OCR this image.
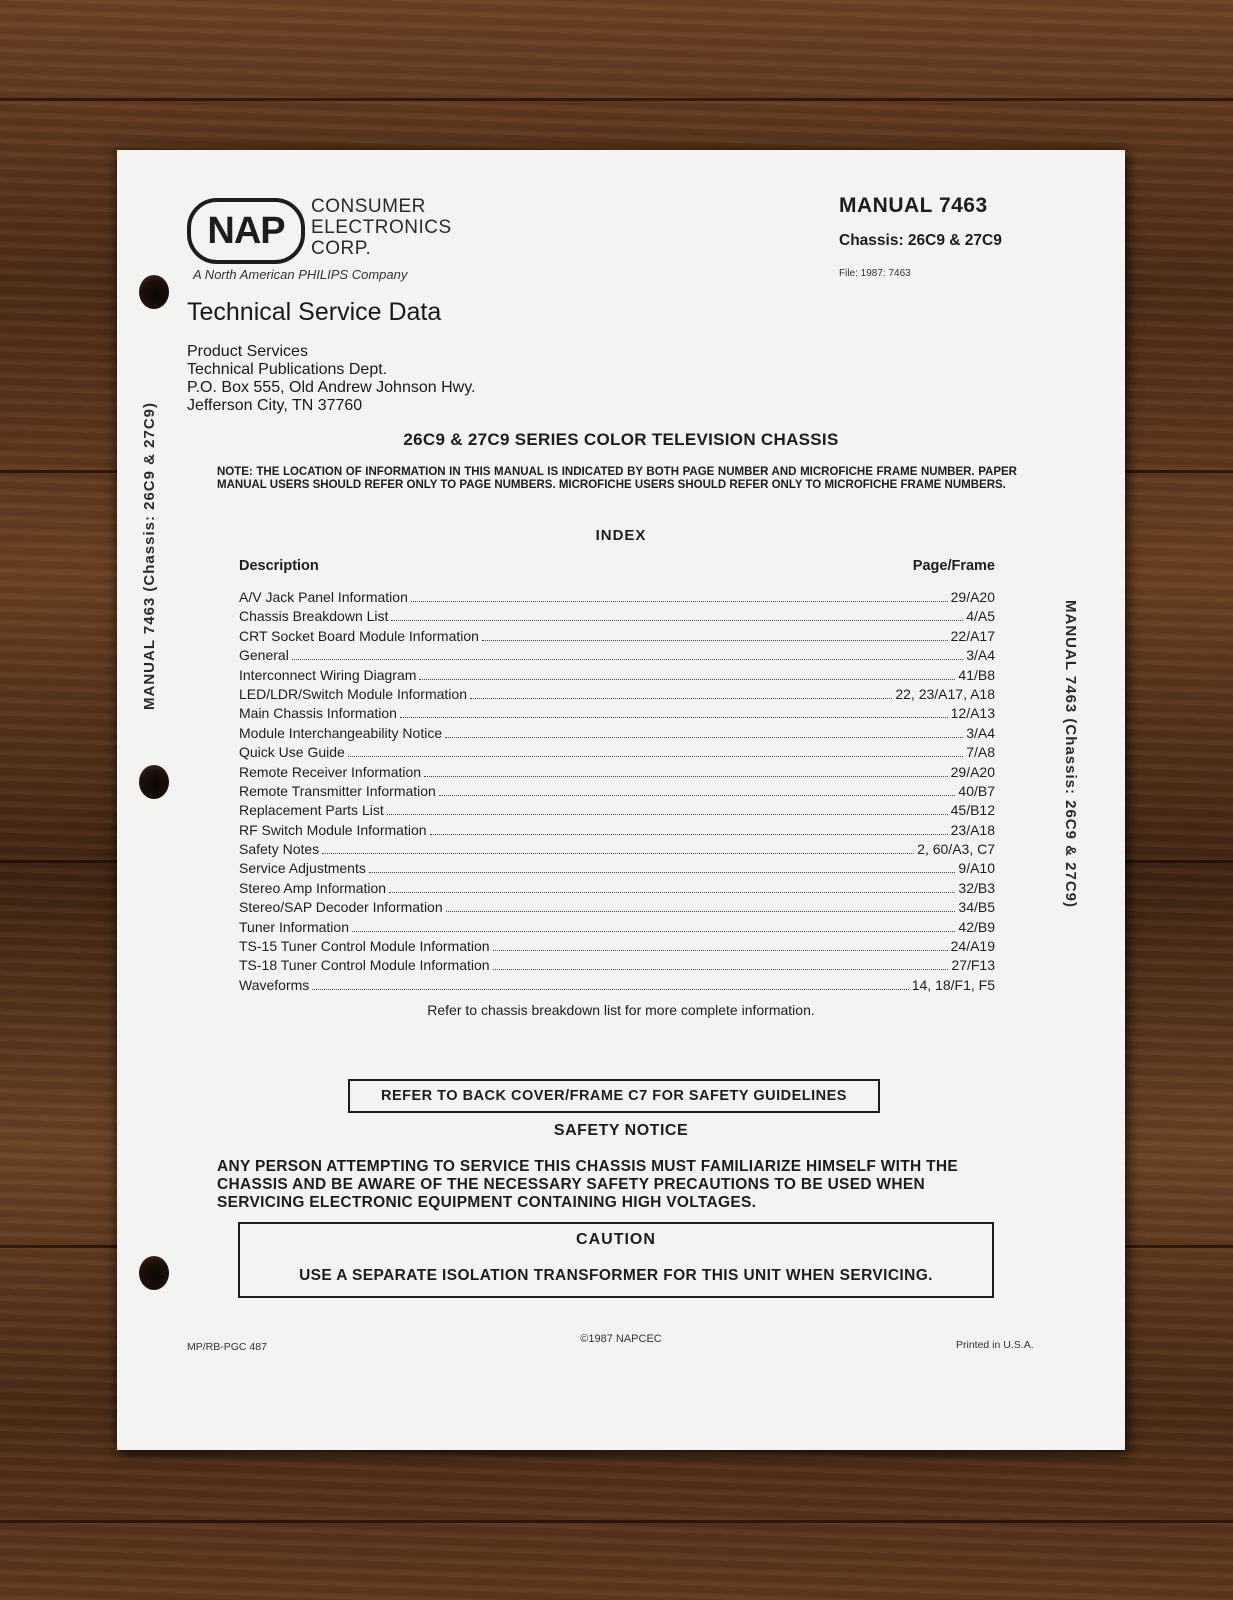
NAP
CONSUMER
ELECTRONICS
CORP.
A North American PHILIPS Company
Technical Service Data
Product Services
Technical Publications Dept.
P.O. Box 555, Old Andrew Johnson Hwy.
Jefferson City, TN 37760
MANUAL 7463
Chassis: 26C9 & 27C9
File: 1987: 7463
MANUAL 7463 (Chassis: 26C9 & 27C9)
MANUAL 7463 (Chassis: 26C9 & 27C9)
26C9 & 27C9 SERIES COLOR TELEVISION CHASSIS
NOTE: THE LOCATION OF INFORMATION IN THIS MANUAL IS INDICATED BY BOTH PAGE NUMBER AND MICROFICHE FRAME NUMBER. PAPER MANUAL USERS SHOULD REFER ONLY TO PAGE NUMBERS. MICROFICHE USERS SHOULD REFER ONLY TO MICROFICHE FRAME NUMBERS.
INDEX
Description	Page/Frame
A/V Jack Panel Information	29/A20
Chassis Breakdown List	4/A5
CRT Socket Board Module Information	22/A17
General	3/A4
Interconnect Wiring Diagram	41/B8
LED/LDR/Switch Module Information	22, 23/A17, A18
Main Chassis Information	12/A13
Module Interchangeability Notice	3/A4
Quick Use Guide	7/A8
Remote Receiver Information	29/A20
Remote Transmitter Information	40/B7
Replacement Parts List	45/B12
RF Switch Module Information	23/A18
Safety Notes	2, 60/A3, C7
Service Adjustments	9/A10
Stereo Amp Information	32/B3
Stereo/SAP Decoder Information	34/B5
Tuner Information	42/B9
TS-15 Tuner Control Module Information	24/A19
TS-18 Tuner Control Module Information	27/F13
Waveforms	14, 18/F1, F5
Refer to chassis breakdown list for more complete information.
REFER TO BACK COVER/FRAME C7 FOR SAFETY GUIDELINES
SAFETY NOTICE
ANY PERSON ATTEMPTING TO SERVICE THIS CHASSIS MUST FAMILIARIZE HIMSELF WITH THE CHASSIS AND BE AWARE OF THE NECESSARY SAFETY PRECAUTIONS TO BE USED WHEN SERVICING ELECTRONIC EQUIPMENT CONTAINING HIGH VOLTAGES.
CAUTION
USE A SEPARATE ISOLATION TRANSFORMER FOR THIS UNIT WHEN SERVICING.
MP/RB-PGC 487
©1987 NAPCEC	Printed in U.S.A.
